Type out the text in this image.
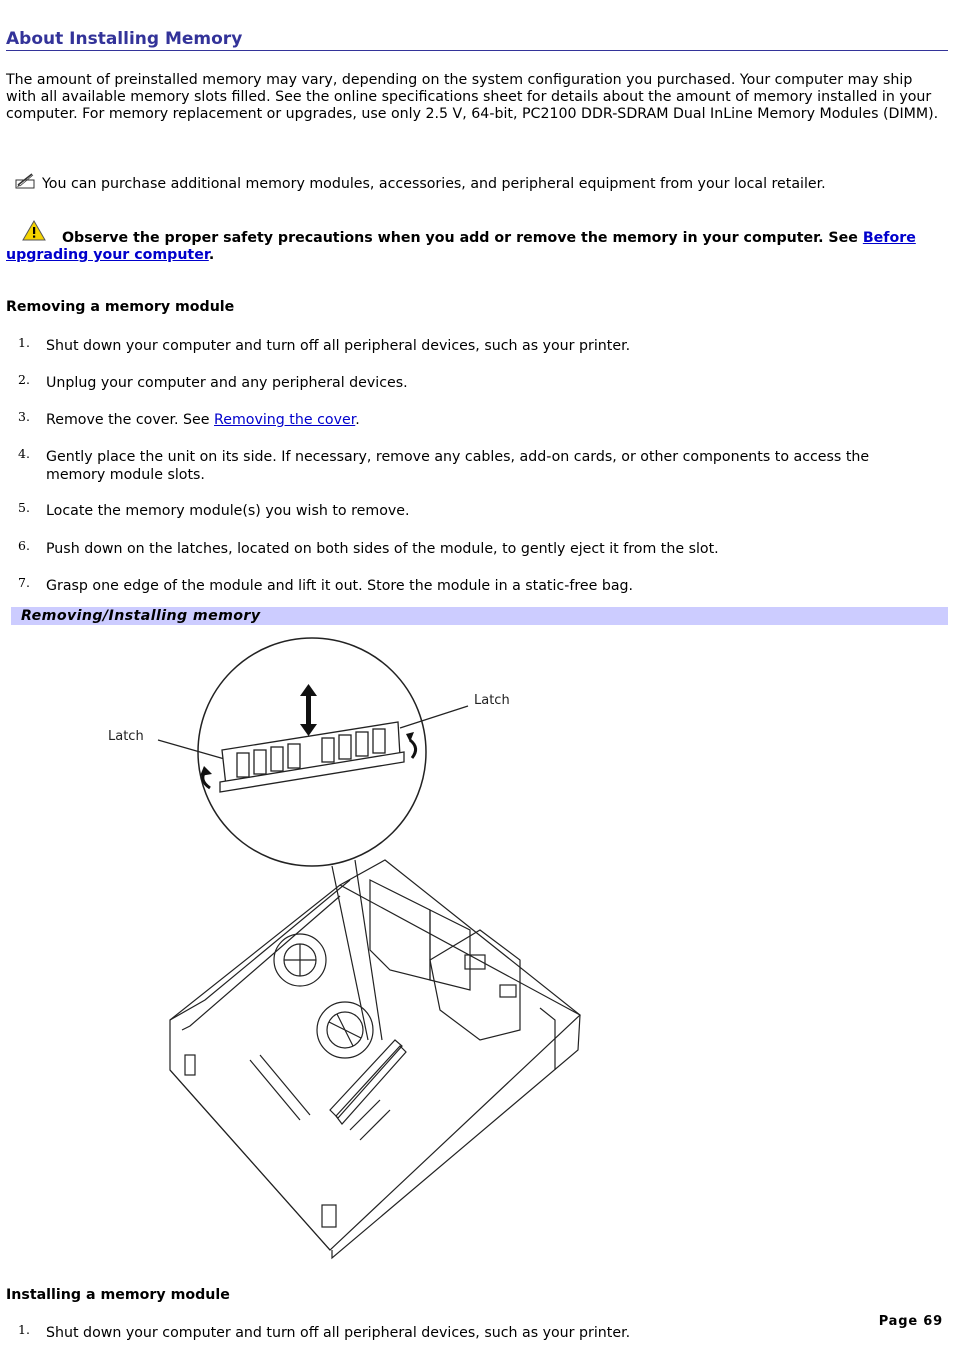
About Installing Memory

The amount of preinstalled memory may vary, depending on the system configuration you purchased. Your computer may ship with all available memory slots filled. See the online specifications sheet for details about the amount of memory installed in your computer. For memory replacement or upgrades, use only 2.5 V, 64-bit, PC2100 DDR-SDRAM Dual InLine Memory Modules (DIMM).

You can purchase additional memory modules, accessories, and peripheral equipment from your local retailer.
Observe the proper safety precautions when you add or remove the memory in your computer. See Before upgrading your computer.
Removing a memory module
1. Shut down your computer and turn off all peripheral devices, such as your printer.
2. Unplug your computer and any peripheral devices.
3. Remove the cover. See Removing the cover.
4. Gently place the unit on its side. If necessary, remove any cables, add-on cards, or other components to access the memory module slots.
5. Locate the memory module(s) you wish to remove.
6. Push down on the latches, located on both sides of the module, to gently eject it from the slot.
7. Grasp one edge of the module and lift it out. Store the module in a static-free bag.
Removing/Installing memory
Latch
Latch
Installing a memory module
1. Shut down your computer and turn off all peripheral devices, such as your printer.
Page 69
